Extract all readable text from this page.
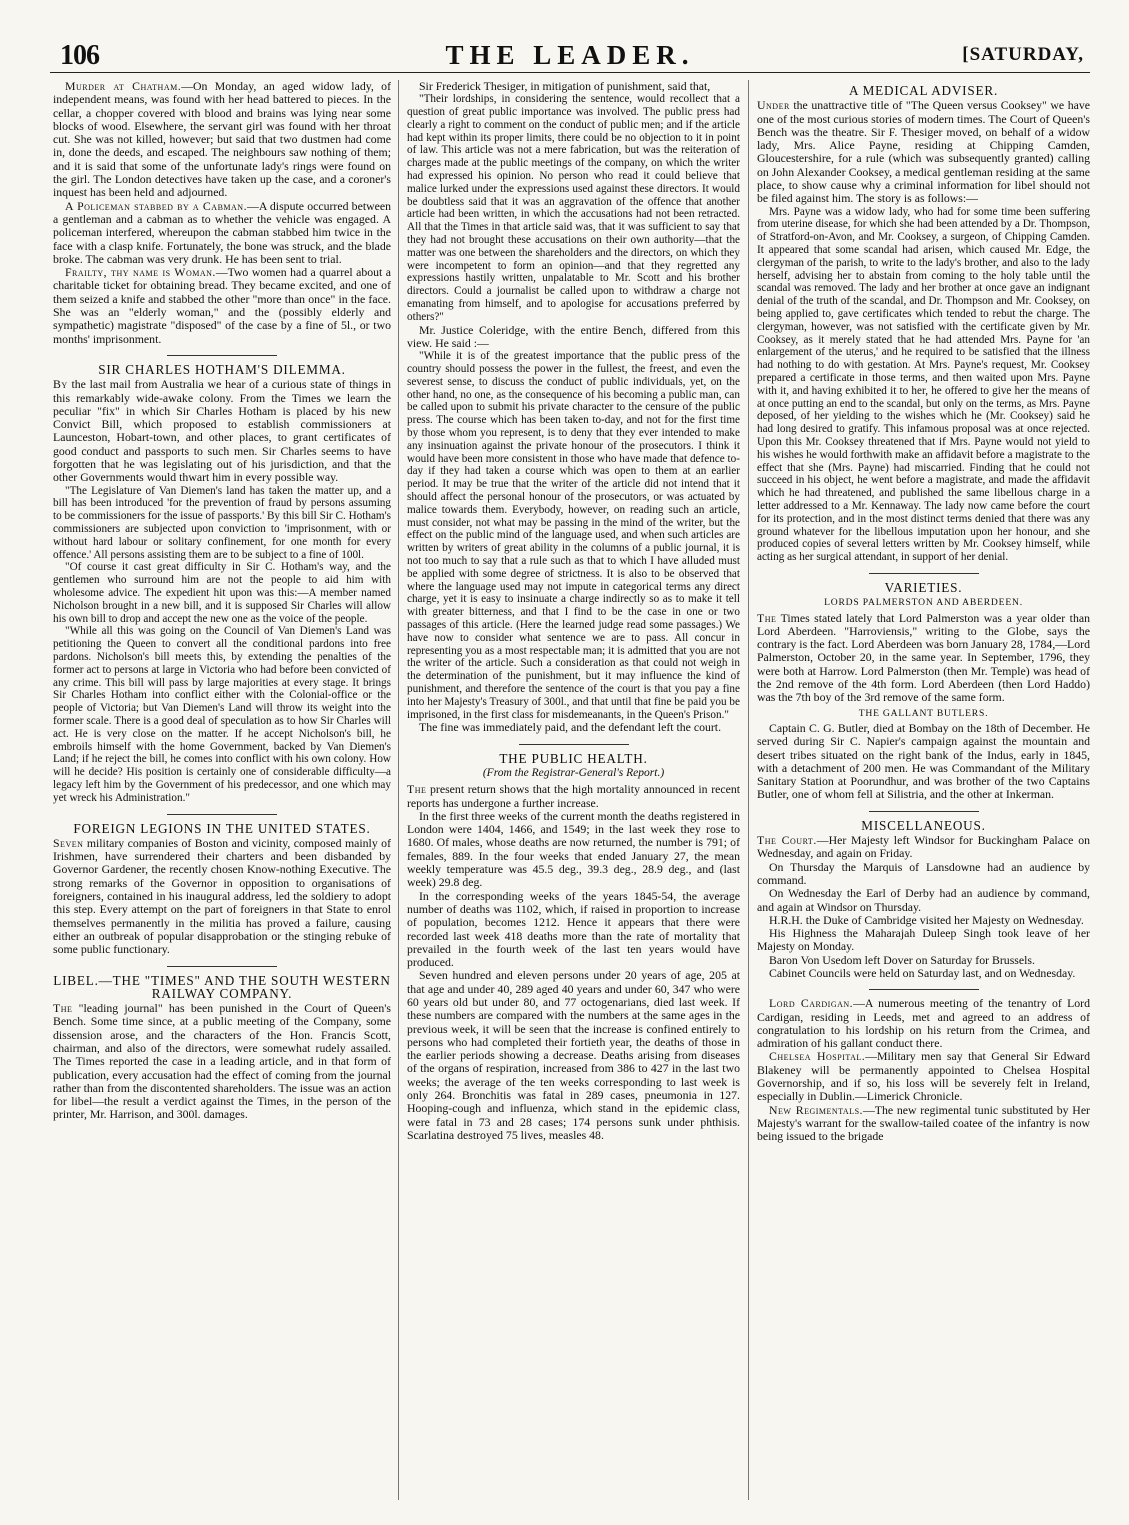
106	THE LEADER.	[SATURDAY,

Murder at Chatham.—On Monday, an aged widow lady, of independent means, was found with her head battered to pieces. In the cellar, a chopper covered with blood and brains was lying near some blocks of wood. Elsewhere, the servant girl was found with her throat cut. She was not killed, however; but said that two dustmen had come in, done the deeds, and escaped. The neighbours saw nothing of them; and it is said that some of the unfortunate lady's rings were found on the girl. The London detectives have taken up the case, and a coroner's inquest has been held and adjourned.

A Policeman stabbed by a Cabman.—A dispute occurred between a gentleman and a cabman as to whether the vehicle was engaged. A policeman interfered, whereupon the cabman stabbed him twice in the face with a clasp knife. Fortunately, the bone was struck, and the blade broke. The cabman was very drunk. He has been sent to trial.

Frailty, thy name is Woman.—Two women had a quarrel about a charitable ticket for obtaining bread. They became excited, and one of them seized a knife and stabbed the other "more than once" in the face. She was an "elderly woman," and the (possibly elderly and sympathetic) magistrate "disposed" of the case by a fine of 5l., or two months' imprisonment.

SIR CHARLES HOTHAM'S DILEMMA.

By the last mail from Australia we hear of a curious state of things in this remarkably wide-awake colony. From the Times we learn the peculiar "fix" in which Sir Charles Hotham is placed by his new Convict Bill, which proposed to establish commissioners at Launceston, Hobart-town, and other places, to grant certificates of good conduct and passports to such men. Sir Charles seems to have forgotten that he was legislating out of his jurisdiction, and that the other Governments would thwart him in every possible way.

"The Legislature of Van Diemen's land has taken the matter up, and a bill has been introduced 'for the prevention of fraud by persons assuming to be commissioners for the issue of passports.' By this bill Sir C. Hotham's commissioners are subjected upon conviction to 'imprisonment, with or without hard labour or solitary confinement, for one month for every offence.' All persons assisting them are to be subject to a fine of 100l.

"Of course it cast great difficulty in Sir C. Hotham's way, and the gentlemen who surround him are not the people to aid him with wholesome advice. The expedient hit upon was this:—A member named Nicholson brought in a new bill, and it is supposed Sir Charles will allow his own bill to drop and accept the new one as the voice of the people.

"While all this was going on the Council of Van Diemen's Land was petitioning the Queen to convert all the conditional pardons into free pardons. Nicholson's bill meets this, by extending the penalties of the former act to persons at large in Victoria who had before been convicted of any crime. This bill will pass by large majorities at every stage. It brings Sir Charles Hotham into conflict either with the Colonial-office or the people of Victoria; but Van Diemen's Land will throw its weight into the former scale. There is a good deal of speculation as to how Sir Charles will act. He is very close on the matter. If he accept Nicholson's bill, he embroils himself with the home Government, backed by Van Diemen's Land; if he reject the bill, he comes into conflict with his own colony. How will he decide? His position is certainly one of considerable difficulty—a legacy left him by the Government of his predecessor, and one which may yet wreck his Administration."

FOREIGN LEGIONS IN THE UNITED STATES.

Seven military companies of Boston and vicinity, composed mainly of Irishmen, have surrendered their charters and been disbanded by Governor Gardener, the recently chosen Know-nothing Executive. The strong remarks of the Governor in opposition to organisations of foreigners, contained in his inaugural address, led the soldiery to adopt this step. Every attempt on the part of foreigners in that State to enrol themselves permanently in the militia has proved a failure, causing either an outbreak of popular disapprobation or the stinging rebuke of some public functionary.

LIBEL.—THE "TIMES" AND THE SOUTH WESTERN RAILWAY COMPANY.

The "leading journal" has been punished in the Court of Queen's Bench. Some time since, at a public meeting of the Company, some dissension arose, and the characters of the Hon. Francis Scott, chairman, and also of the directors, were somewhat rudely assailed. The Times reported the case in a leading article, and in that form of publication, every accusation had the effect of coming from the journal rather than from the discontented shareholders. The issue was an action for libel—the result a verdict against the Times, in the person of the printer, Mr. Harrison, and 300l. damages.

Sir Frederick Thesiger, in mitigation of punishment, said that,

"Their lordships, in considering the sentence, would recollect that a question of great public importance was involved. The public press had clearly a right to comment on the conduct of public men; and if the article had kept within its proper limits, there could be no objection to it in point of law. This article was not a mere fabrication, but was the reiteration of charges made at the public meetings of the company, on which the writer had expressed his opinion. No person who read it could believe that malice lurked under the expressions used against these directors. It would be doubtless said that it was an aggravation of the offence that another article had been written, in which the accusations had not been retracted. All that the Times in that article said was, that it was sufficient to say that they had not brought these accusations on their own authority—that the matter was one between the shareholders and the directors, on which they were incompetent to form an opinion—and that they regretted any expressions hastily written, unpalatable to Mr. Scott and his brother directors. Could a journalist be called upon to withdraw a charge not emanating from himself, and to apologise for accusations preferred by others?"

Mr. Justice Coleridge, with the entire Bench, differed from this view. He said :—

"While it is of the greatest importance that the public press of the country should possess the power in the fullest, the freest, and even the severest sense, to discuss the conduct of public individuals, yet, on the other hand, no one, as the consequence of his becoming a public man, can be called upon to submit his private character to the censure of the public press. The course which has been taken to-day, and not for the first time by those whom you represent, is to deny that they ever intended to make any insinuation against the private honour of the prosecutors. I think it would have been more consistent in those who have made that defence to-day if they had taken a course which was open to them at an earlier period. It may be true that the writer of the article did not intend that it should affect the personal honour of the prosecutors, or was actuated by malice towards them. Everybody, however, on reading such an article, must consider, not what may be passing in the mind of the writer, but the effect on the public mind of the language used, and when such articles are written by writers of great ability in the columns of a public journal, it is not too much to say that a rule such as that to which I have alluded must be applied with some degree of strictness. It is also to be observed that where the language used may not impute in categorical terms any direct charge, yet it is easy to insinuate a charge indirectly so as to make it tell with greater bitterness, and that I find to be the case in one or two passages of this article. (Here the learned judge read some passages.) We have now to consider what sentence we are to pass. All concur in representing you as a most respectable man; it is admitted that you are not the writer of the article. Such a consideration as that could not weigh in the determination of the punishment, but it may influence the kind of punishment, and therefore the sentence of the court is that you pay a fine into her Majesty's Treasury of 300l., and that until that fine be paid you be imprisoned, in the first class for misdemeanants, in the Queen's Prison."

The fine was immediately paid, and the defendant left the court.

THE PUBLIC HEALTH.
(From the Registrar-General's Report.)

The present return shows that the high mortality announced in recent reports has undergone a further increase.

In the first three weeks of the current month the deaths registered in London were 1404, 1466, and 1549; in the last week they rose to 1680. Of males, whose deaths are now returned, the number is 791; of females, 889. In the four weeks that ended January 27, the mean weekly temperature was 45.5 deg., 39.3 deg., 28.9 deg., and (last week) 29.8 deg.

In the corresponding weeks of the years 1845-54, the average number of deaths was 1102, which, if raised in proportion to increase of population, becomes 1212. Hence it appears that there were recorded last week 418 deaths more than the rate of mortality that prevailed in the fourth week of the last ten years would have produced.

Seven hundred and eleven persons under 20 years of age, 205 at that age and under 40, 289 aged 40 years and under 60, 347 who were 60 years old but under 80, and 77 octogenarians, died last week. If these numbers are compared with the numbers at the same ages in the previous week, it will be seen that the increase is confined entirely to persons who had completed their fortieth year, the deaths of those in the earlier periods showing a decrease. Deaths arising from diseases of the organs of respiration, increased from 386 to 427 in the last two weeks; the average of the ten weeks corresponding to last week is only 264. Bronchitis was fatal in 289 cases, pneumonia in 127. Hooping-cough and influenza, which stand in the epidemic class, were fatal in 73 and 28 cases; 174 persons sunk under phthisis. Scarlatina destroyed 75 lives, measles 48.

A MEDICAL ADVISER.

Under the unattractive title of "The Queen versus Cooksey" we have one of the most curious stories of modern times. The Court of Queen's Bench was the theatre. Sir F. Thesiger moved, on behalf of a widow lady, Mrs. Alice Payne, residing at Chipping Camden, Gloucestershire, for a rule (which was subsequently granted) calling on John Alexander Cooksey, a medical gentleman residing at the same place, to show cause why a criminal information for libel should not be filed against him. The story is as follows:—

Mrs. Payne was a widow lady, who had for some time been suffering from uterine disease, for which she had been attended by a Dr. Thompson, of Stratford-on-Avon, and Mr. Cooksey, a surgeon, of Chipping Camden. It appeared that some scandal had arisen, which caused Mr. Edge, the clergyman of the parish, to write to the lady's brother, and also to the lady herself, advising her to abstain from coming to the holy table until the scandal was removed. The lady and her brother at once gave an indignant denial of the truth of the scandal, and Dr. Thompson and Mr. Cooksey, on being applied to, gave certificates which tended to rebut the charge. The clergyman, however, was not satisfied with the certificate given by Mr. Cooksey, as it merely stated that he had attended Mrs. Payne for 'an enlargement of the uterus,' and he required to be satisfied that the illness had nothing to do with gestation. At Mrs. Payne's request, Mr. Cooksey prepared a certificate in those terms, and then waited upon Mrs. Payne with it, and having exhibited it to her, he offered to give her the means of at once putting an end to the scandal, but only on the terms, as Mrs. Payne deposed, of her yielding to the wishes which he (Mr. Cooksey) said he had long desired to gratify. This infamous proposal was at once rejected. Upon this Mr. Cooksey threatened that if Mrs. Payne would not yield to his wishes he would forthwith make an affidavit before a magistrate to the effect that she (Mrs. Payne) had miscarried. Finding that he could not succeed in his object, he went before a magistrate, and made the affidavit which he had threatened, and published the same libellous charge in a letter addressed to a Mr. Kennaway. The lady now came before the court for its protection, and in the most distinct terms denied that there was any ground whatever for the libellous imputation upon her honour, and she produced copies of several letters written by Mr. Cooksey himself, while acting as her surgical attendant, in support of her denial.

VARIETIES.
LORDS PALMERSTON AND ABERDEEN.

The Times stated lately that Lord Palmerston was a year older than Lord Aberdeen. "Harroviensis," writing to the Globe, says the contrary is the fact. Lord Aberdeen was born January 28, 1784,—Lord Palmerston, October 20, in the same year. In September, 1796, they were both at Harrow. Lord Palmerston (then Mr. Temple) was head of the 2nd remove of the 4th form. Lord Aberdeen (then Lord Haddo) was the 7th boy of the 3rd remove of the same form.

THE GALLANT BUTLERS.

Captain C. G. Butler, died at Bombay on the 18th of December. He served during Sir C. Napier's campaign against the mountain and desert tribes situated on the right bank of the Indus, early in 1845, with a detachment of 200 men. He was Commandant of the Military Sanitary Station at Poorundhur, and was brother of the two Captains Butler, one of whom fell at Silistria, and the other at Inkerman.

MISCELLANEOUS.

The Court.—Her Majesty left Windsor for Buckingham Palace on Wednesday, and again on Friday.

On Thursday the Marquis of Lansdowne had an audience by command.

On Wednesday the Earl of Derby had an audience by command, and again at Windsor on Thursday.

H.R.H. the Duke of Cambridge visited her Majesty on Wednesday.

His Highness the Maharajah Duleep Singh took leave of her Majesty on Monday.

Baron Von Usedom left Dover on Saturday for Brussels.

Cabinet Councils were held on Saturday last, and on Wednesday.

Lord Cardigan.—A numerous meeting of the tenantry of Lord Cardigan, residing in Leeds, met and agreed to an address of congratulation to his lordship on his return from the Crimea, and admiration of his gallant conduct there.

Chelsea Hospital.—Military men say that General Sir Edward Blakeney will be permanently appointed to Chelsea Hospital Governorship, and if so, his loss will be severely felt in Ireland, especially in Dublin.—Limerick Chronicle.

New Regimentals.—The new regimental tunic substituted by Her Majesty's warrant for the swallow-tailed coatee of the infantry is now being issued to the brigade
